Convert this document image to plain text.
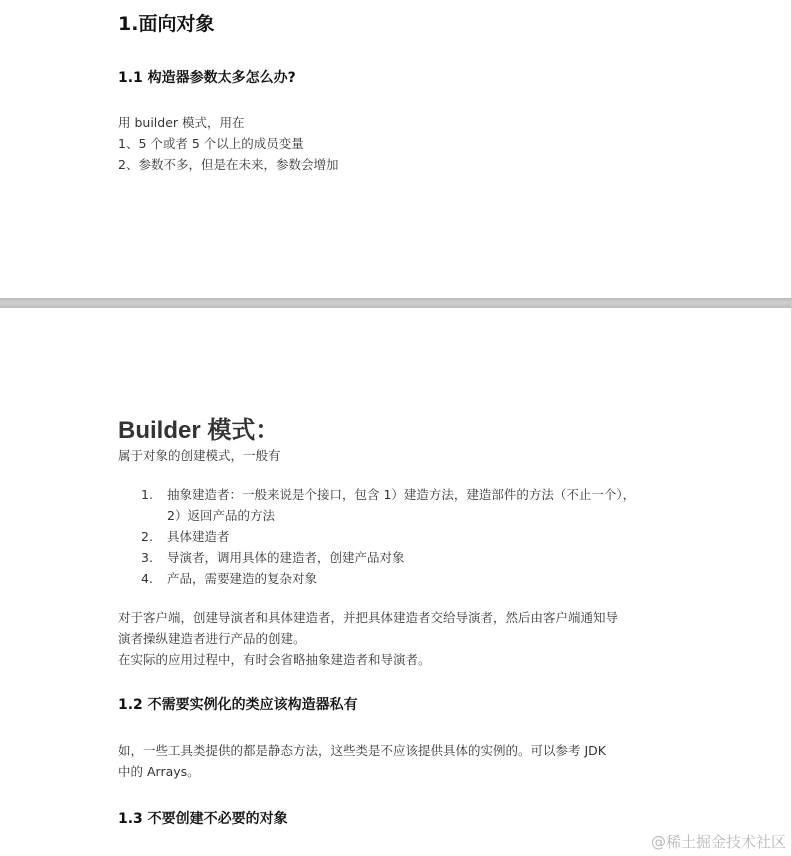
1.面向对象
1.1 构造器参数太多怎么办?
用 builder 模式，用在
1、5 个或者 5 个以上的成员变量
2、参数不多，但是在未来，参数会增加
Builder 模式：
属于对象的创建模式，一般有
1. 抽象建造者：一般来说是个接口，包含 1）建造方法，建造部件的方法（不止一个），
2）返回产品的方法
2. 具体建造者
3. 导演者，调用具体的建造者，创建产品对象
4. 产品，需要建造的复杂对象
对于客户端，创建导演者和具体建造者，并把具体建造者交给导演者，然后由客户端通知导
演者操纵建造者进行产品的创建。
在实际的应用过程中，有时会省略抽象建造者和导演者。
1.2 不需要实例化的类应该构造器私有
如，一些工具类提供的都是静态方法，这些类是不应该提供具体的实例的。可以参考 JDK
中的 Arrays。
1.3 不要创建不必要的对象
@稀土掘金技术社区
